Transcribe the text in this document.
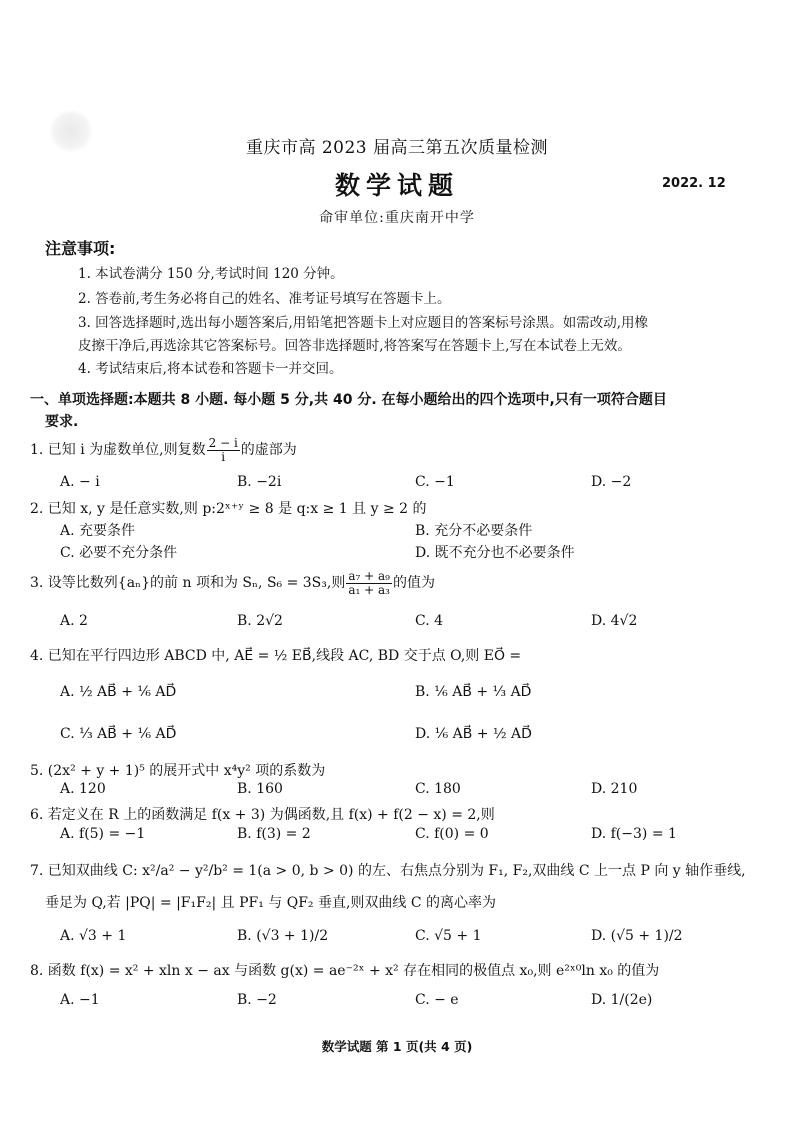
重庆市高 2023 届高三第五次质量检测
数学试题	2022. 12
命审单位:重庆南开中学
注意事项:
1. 本试卷满分 150 分,考试时间 120 分钟。
2. 答卷前,考生务必将自己的姓名、准考证号填写在答题卡上。
3. 回答选择题时,选出每小题答案后,用铅笔把答题卡上对应题目的答案标号涂黑。如需改动,用橡
皮擦干净后,再选涂其它答案标号。回答非选择题时,将答案写在答题卡上,写在本试卷上无效。
4. 考试结束后,将本试卷和答题卡一并交回。
一、单项选择题:本题共 8 小题. 每小题 5 分,共 40 分. 在每小题给出的四个选项中,只有一项符合题目
要求.
1. 已知 i 为虚数单位,则复数 $\frac{2 - i}{i}$ 的虚部为
A. − i	B. −2i	C. −1	D. −2
2. 已知 x, y 是任意实数,则 p:2ˣ⁺ʸ ≥ 8 是 q:x ≥ 1 且 y ≥ 2 的
A. 充要条件	B. 充分不必要条件
C. 必要不充分条件	D. 既不充分也不必要条件
3. 设等比数列{aₙ}的前 n 项和为 Sₙ, S₆ = 3S₃,则 $\frac{\text{a₇ + a₉}}{\text{a₁ + a₃}}$ 的值为
A. 2	B. 2√2	C. 4	D. 4√2
4. 已知在平行四边形 ABCD 中, AE⃗ = ½ EB⃗,线段 AC, BD 交于点 O,则 EO⃗ =
A. ½ AB⃗ + ⅙ AD⃗	B. ⅙ AB⃗ + ⅓ AD⃗
C. ⅓ AB⃗ + ⅙ AD⃗	D. ⅙ AB⃗ + ½ AD⃗
5. (2x² + y + 1)⁵ 的展开式中 x⁴y² 项的系数为
A. 120	B. 160	C. 180	D. 210
6. 若定义在 R 上的函数满足 f(x + 3) 为偶函数,且 f(x) + f(2 − x) = 2,则
A. f(5) = −1	B. f(3) = 2	C. f(0) = 0	D. f(−3) = 1
7. 已知双曲线 C: x²/a² − y²/b² = 1(a > 0, b > 0) 的左、右焦点分别为 F₁, F₂,双曲线 C 上一点 P 向 y 轴作垂线,
垂足为 Q,若 |PQ| = |F₁F₂| 且 PF₁ 与 QF₂ 垂直,则双曲线 C 的离心率为
A. √3 + 1	B. (√3 + 1)/2	C. √5 + 1	D. (√5 + 1)/2
8. 函数 f(x) = x² + xln x − ax 与函数 g(x) = ae⁻²ˣ + x² 存在相同的极值点 x₀,则 e²ˣ⁰ln x₀ 的值为
A. −1	B. −2	C. − e	D. 1/(2e)
数学试题 第 1 页(共 4 页)
